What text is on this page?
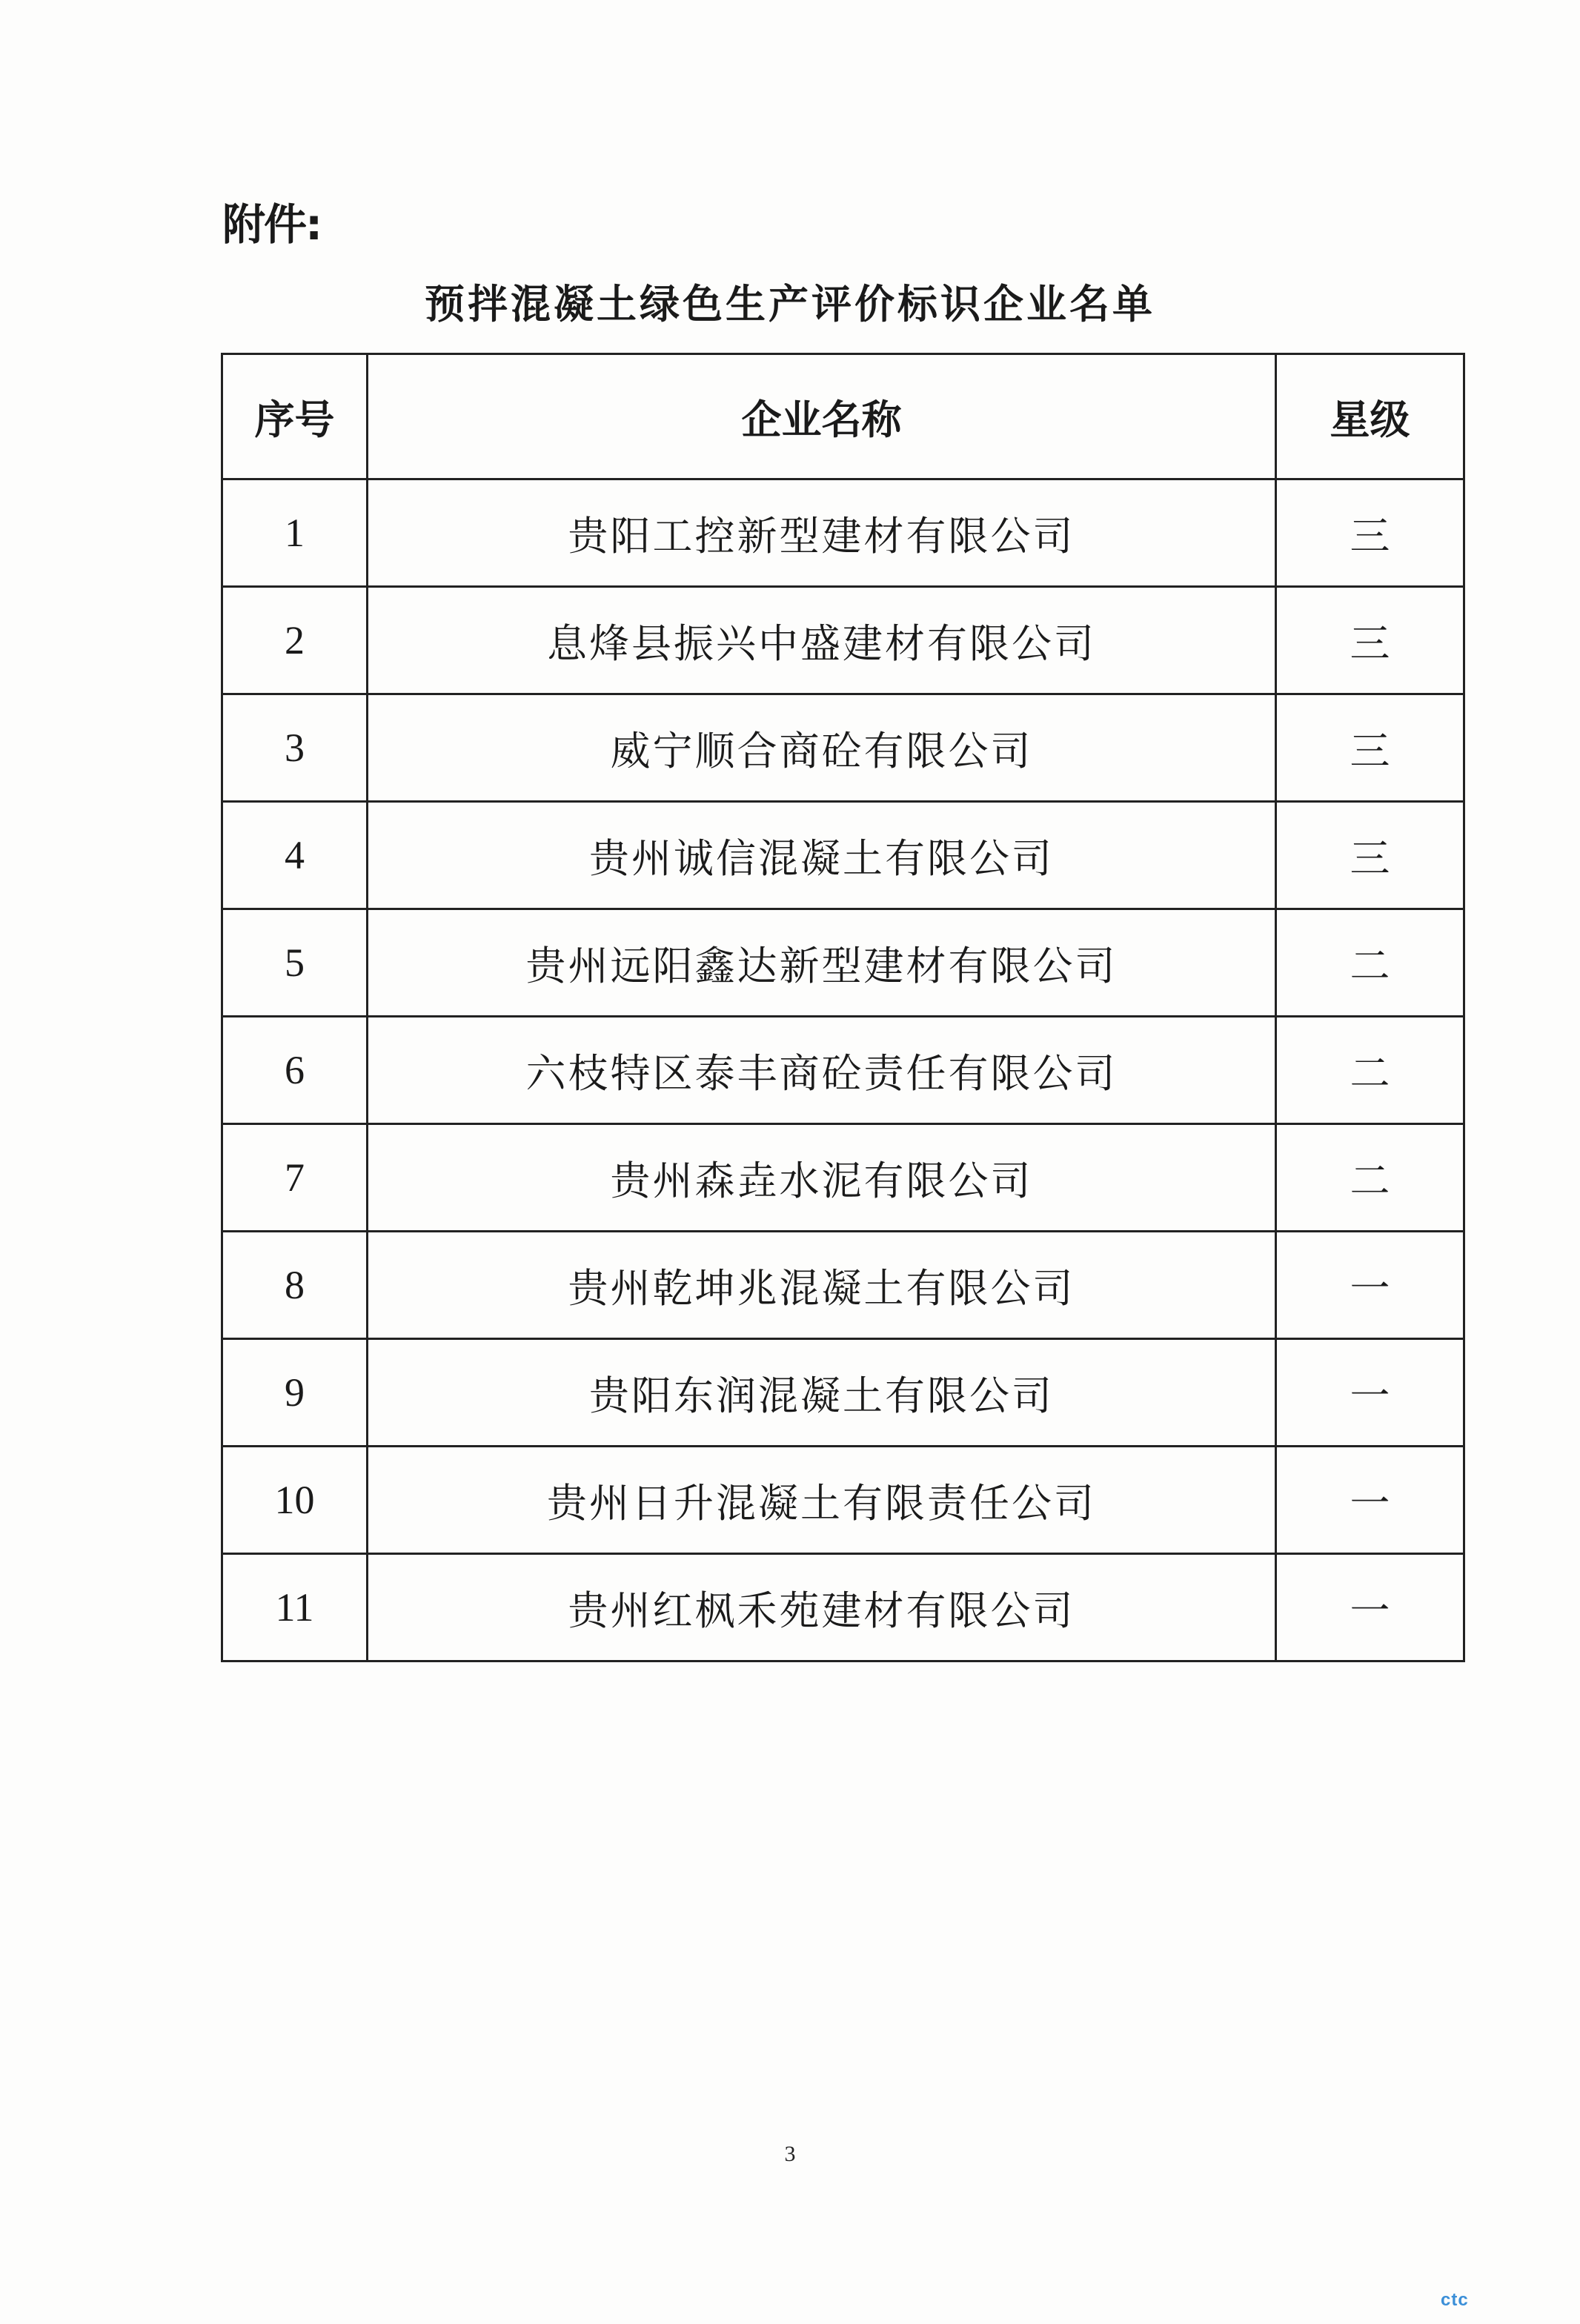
附件:
预拌混凝土绿色生产评价标识企业名单
序号	企业名称	星级
1	贵阳工控新型建材有限公司	三
2	息烽县振兴中盛建材有限公司	三
3	威宁顺合商砼有限公司	三
4	贵州诚信混凝土有限公司	三
5	贵州远阳鑫达新型建材有限公司	二
6	六枝特区泰丰商砼责任有限公司	二
7	贵州森垚水泥有限公司	二
8	贵州乾坤兆混凝土有限公司	一
9	贵阳东润混凝土有限公司	一
10	贵州日升混凝土有限责任公司	一
11	贵州红枫禾苑建材有限公司	一
3
ctc
